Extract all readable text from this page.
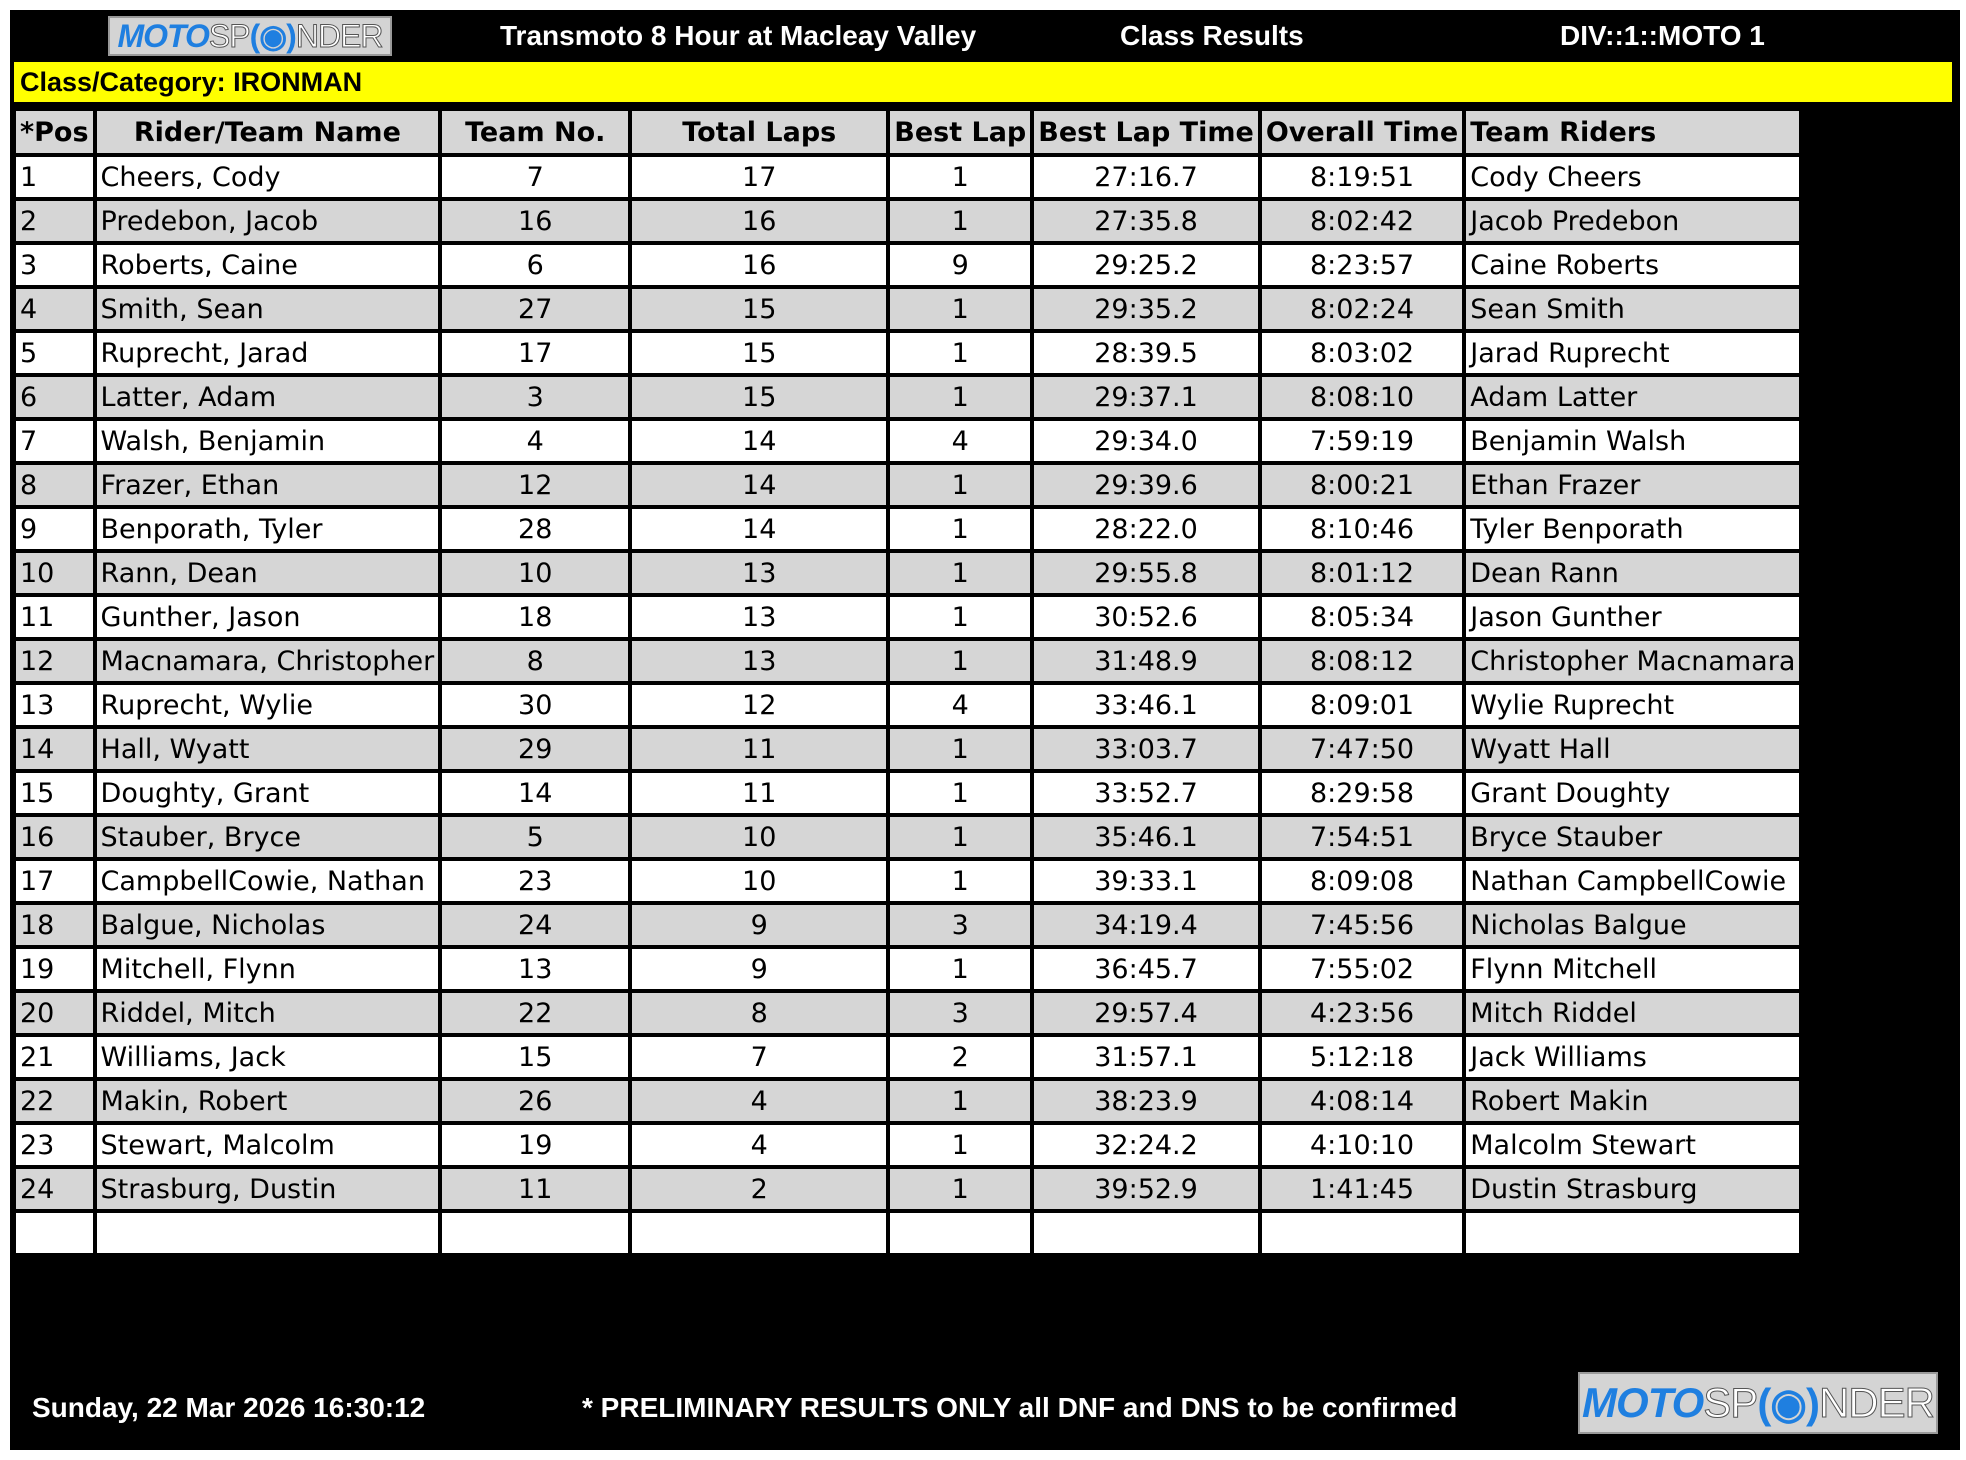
MOTO SP (◉) NDER	Transmoto 8 Hour at Macleay Valley	Class Results	DIV::1::MOTO 1
Class/Category: IRONMAN
*Pos	Rider/Team Name	Team No.	Total Laps	Best Lap	Best Lap Time	Overall Time	Team Riders
1	Cheers, Cody	7	17	1	27:16.7	8:19:51	Cody Cheers
2	Predebon, Jacob	16	16	1	27:35.8	8:02:42	Jacob Predebon
3	Roberts, Caine	6	16	9	29:25.2	8:23:57	Caine Roberts
4	Smith, Sean	27	15	1	29:35.2	8:02:24	Sean Smith
5	Ruprecht, Jarad	17	15	1	28:39.5	8:03:02	Jarad Ruprecht
6	Latter, Adam	3	15	1	29:37.1	8:08:10	Adam Latter
7	Walsh, Benjamin	4	14	4	29:34.0	7:59:19	Benjamin Walsh
8	Frazer, Ethan	12	14	1	29:39.6	8:00:21	Ethan Frazer
9	Benporath, Tyler	28	14	1	28:22.0	8:10:46	Tyler Benporath
10	Rann, Dean	10	13	1	29:55.8	8:01:12	Dean Rann
11	Gunther, Jason	18	13	1	30:52.6	8:05:34	Jason Gunther
12	Macnamara, Christopher	8	13	1	31:48.9	8:08:12	Christopher Macnamara
13	Ruprecht, Wylie	30	12	4	33:46.1	8:09:01	Wylie Ruprecht
14	Hall, Wyatt	29	11	1	33:03.7	7:47:50	Wyatt Hall
15	Doughty, Grant	14	11	1	33:52.7	8:29:58	Grant Doughty
16	Stauber, Bryce	5	10	1	35:46.1	7:54:51	Bryce Stauber
17	CampbellCowie, Nathan	23	10	1	39:33.1	8:09:08	Nathan CampbellCowie
18	Balgue, Nicholas	24	9	3	34:19.4	7:45:56	Nicholas Balgue
19	Mitchell, Flynn	13	9	1	36:45.7	7:55:02	Flynn Mitchell
20	Riddel, Mitch	22	8	3	29:57.4	4:23:56	Mitch Riddel
21	Williams, Jack	15	7	2	31:57.1	5:12:18	Jack Williams
22	Makin, Robert	26	4	1	38:23.9	4:08:14	Robert Makin
23	Stewart, Malcolm	19	4	1	32:24.2	4:10:10	Malcolm Stewart
24	Strasburg, Dustin	11	2	1	39:52.9	1:41:45	Dustin Strasburg

Sunday, 22 Mar 2026 16:30:12	* PRELIMINARY RESULTS ONLY all DNF and DNS to be confirmed	MOTO SP (◉) NDER
